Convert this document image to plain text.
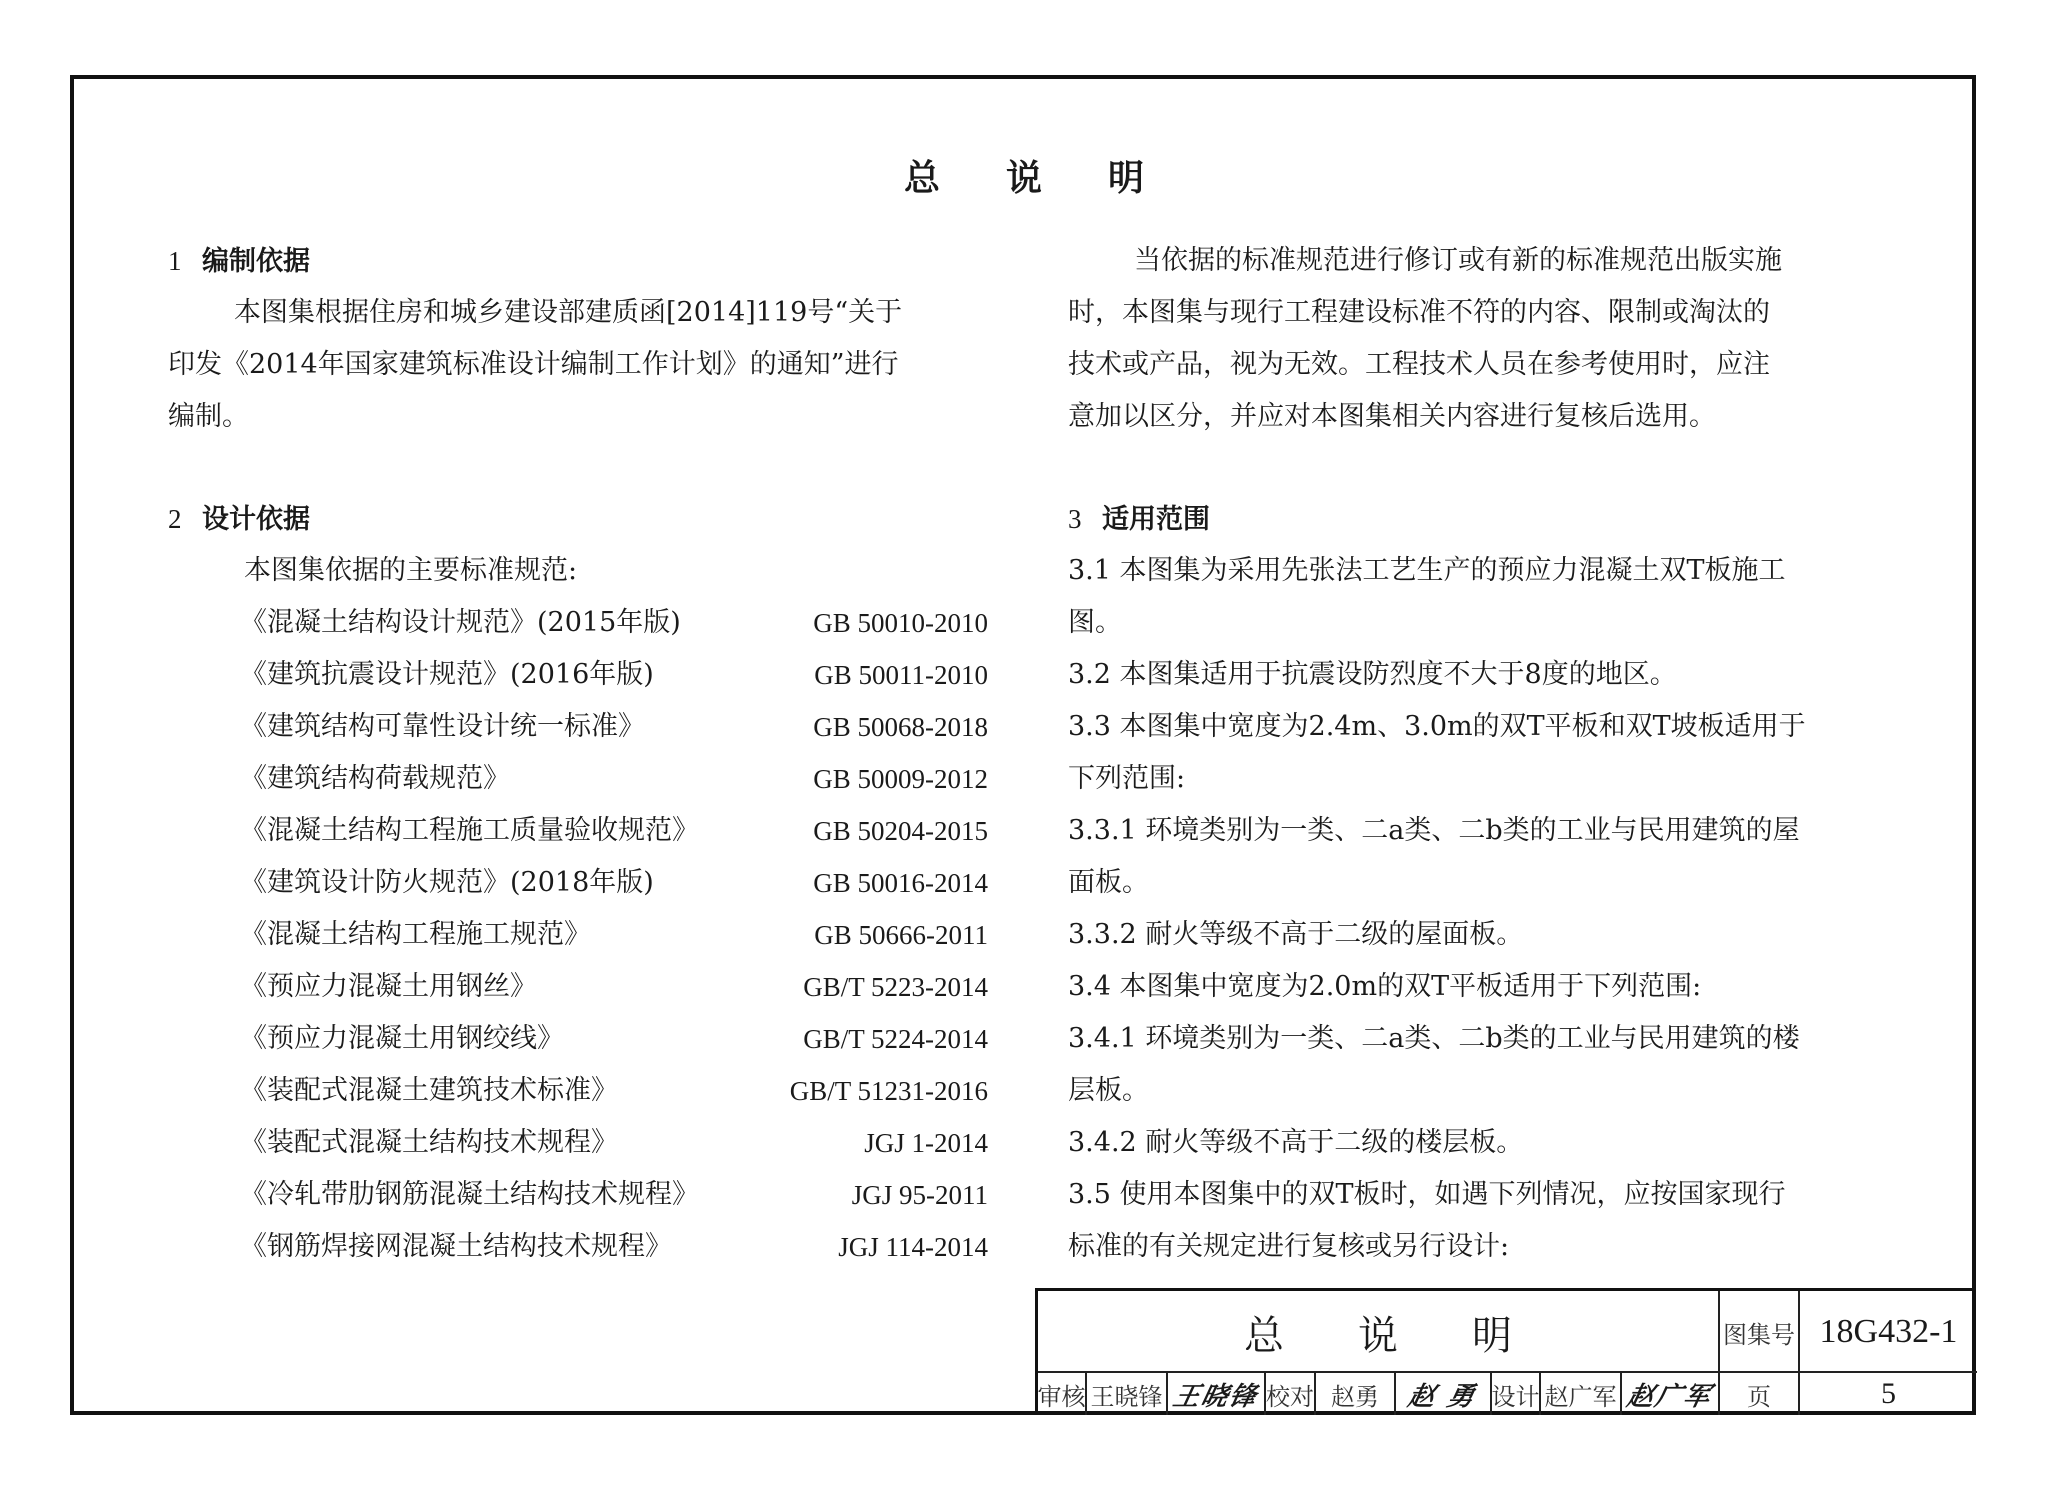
总说明
1 编制依据
本图集根据住房和城乡建设部建质函[2014]119号“关于
印发《2014年国家建筑标准设计编制工作计划》的通知”进行
编制。
2 设计依据
本图集依据的主要标准规范:
《混凝土结构设计规范》(2015年版)	GB 50010-2010
《建筑抗震设计规范》(2016年版)	GB 50011-2010
《建筑结构可靠性设计统一标准》	GB 50068-2018
《建筑结构荷载规范》	GB 50009-2012
《混凝土结构工程施工质量验收规范》	GB 50204-2015
《建筑设计防火规范》(2018年版)	GB 50016-2014
《混凝土结构工程施工规范》	GB 50666-2011
《预应力混凝土用钢丝》	GB/T 5223-2014
《预应力混凝土用钢绞线》	GB/T 5224-2014
《装配式混凝土建筑技术标准》	GB/T 51231-2016
《装配式混凝土结构技术规程》	JGJ 1-2014
《冷轧带肋钢筋混凝土结构技术规程》	JGJ 95-2011
《钢筋焊接网混凝土结构技术规程》	JGJ 114-2014
当依据的标准规范进行修订或有新的标准规范出版实施
时，本图集与现行工程建设标准不符的内容、限制或淘汰的
技术或产品，视为无效。工程技术人员在参考使用时，应注
意加以区分，并应对本图集相关内容进行复核后选用。
3 适用范围
3.1 本图集为采用先张法工艺生产的预应力混凝土双T板施工
图。
3.2 本图集适用于抗震设防烈度不大于8度的地区。
3.3 本图集中宽度为2.4m、3.0m的双T平板和双T坡板适用于
下列范围:
3.3.1 环境类别为一类、二a类、二b类的工业与民用建筑的屋
面板。
3.3.2 耐火等级不高于二级的屋面板。
3.4 本图集中宽度为2.0m的双T平板适用于下列范围:
3.4.1 环境类别为一类、二a类、二b类的工业与民用建筑的楼
层板。
3.4.2 耐火等级不高于二级的楼层板。
3.5 使用本图集中的双T板时，如遇下列情况，应按国家现行
标准的有关规定进行复核或另行设计:
总说明	图集号 18G432-1
审核 王晓锋 王晓锋 校对 赵勇	赵 勇 设计 赵广军 赵广军	页	5
